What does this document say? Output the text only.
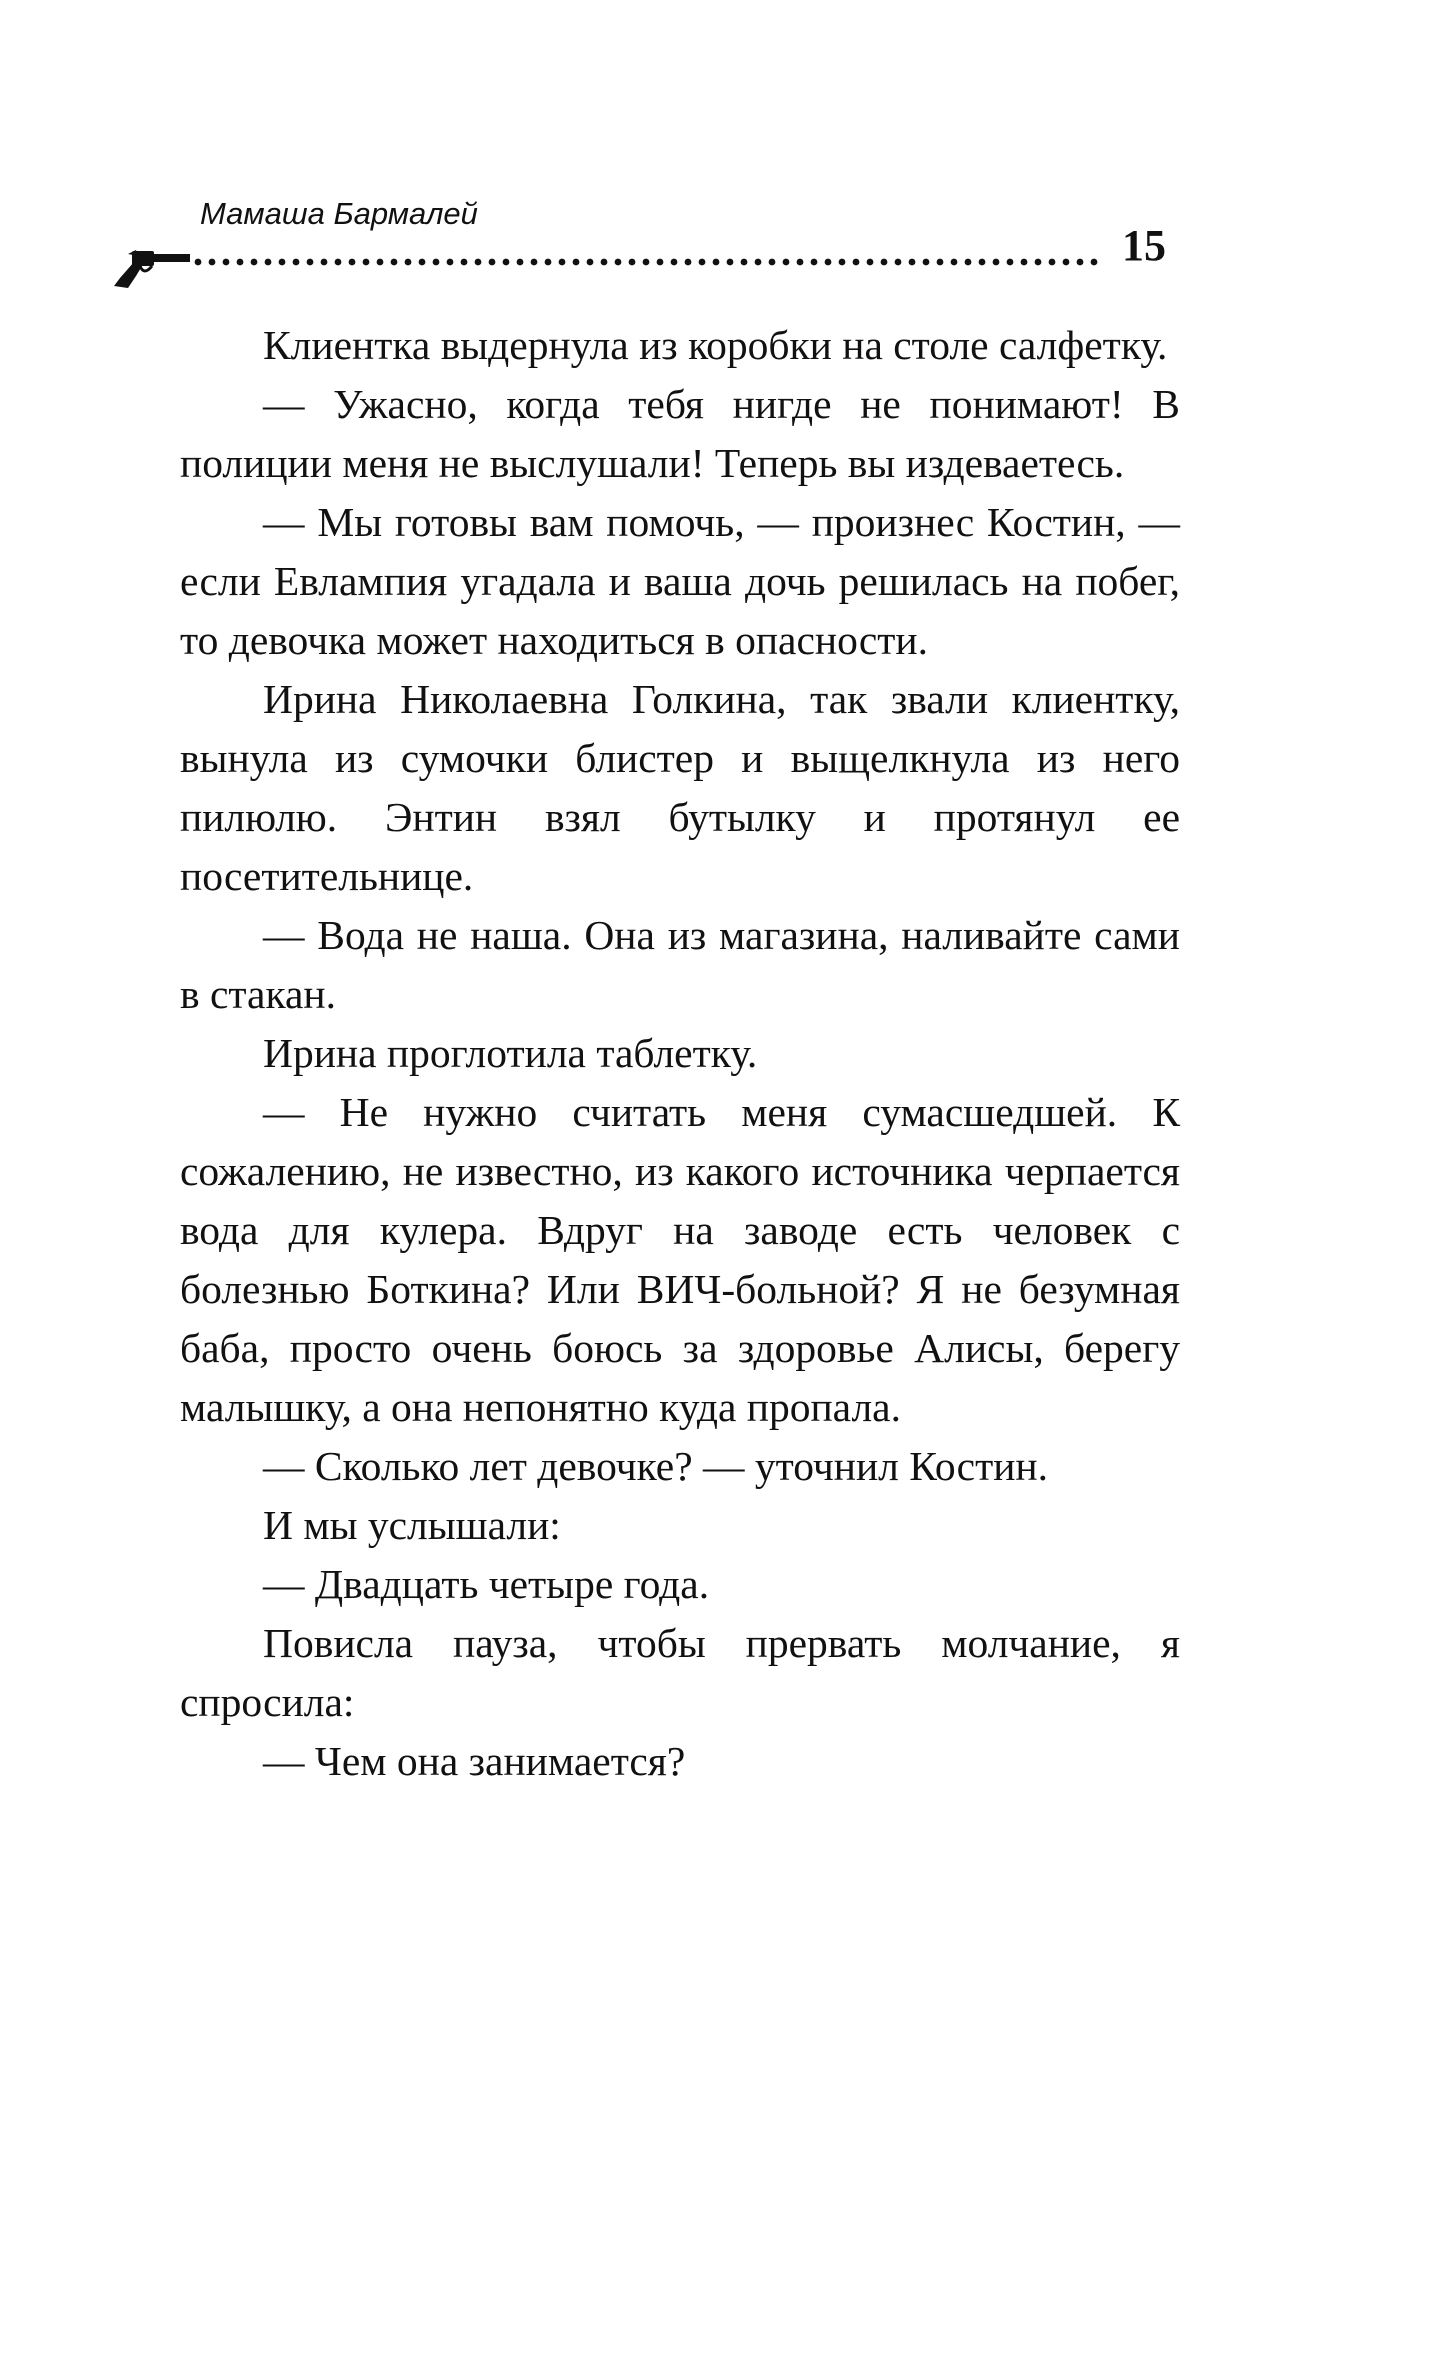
Мамаша Бармалей
15

Клиентка выдернула из коробки на столе салфетку.

— Ужасно, когда тебя нигде не понимают! В полиции меня не выслушали! Теперь вы издеваетесь.

— Мы готовы вам помочь, — произнес Костин, — если Евлампия угадала и ваша дочь решилась на побег, то девочка может находиться в опасности.

Ирина Николаевна Голкина, так звали клиентку, вынула из сумочки блистер и выщелкнула из него пилюлю. Энтин взял бутылку и протянул ее посетительнице.

— Вода не наша. Она из магазина, наливайте сами в стакан.

Ирина проглотила таблетку.

— Не нужно считать меня сумасшедшей. К сожалению, не известно, из какого источника черпается вода для кулера. Вдруг на заводе есть человек с болезнью Боткина? Или ВИЧ-больной? Я не безумная баба, просто очень боюсь за здоровье Алисы, берегу малышку, а она непонятно куда пропала.

— Сколько лет девочке? — уточнил Костин.

И мы услышали:

— Двадцать четыре года.

Повисла пауза, чтобы прервать молчание, я спросила:

— Чем она занимается?
